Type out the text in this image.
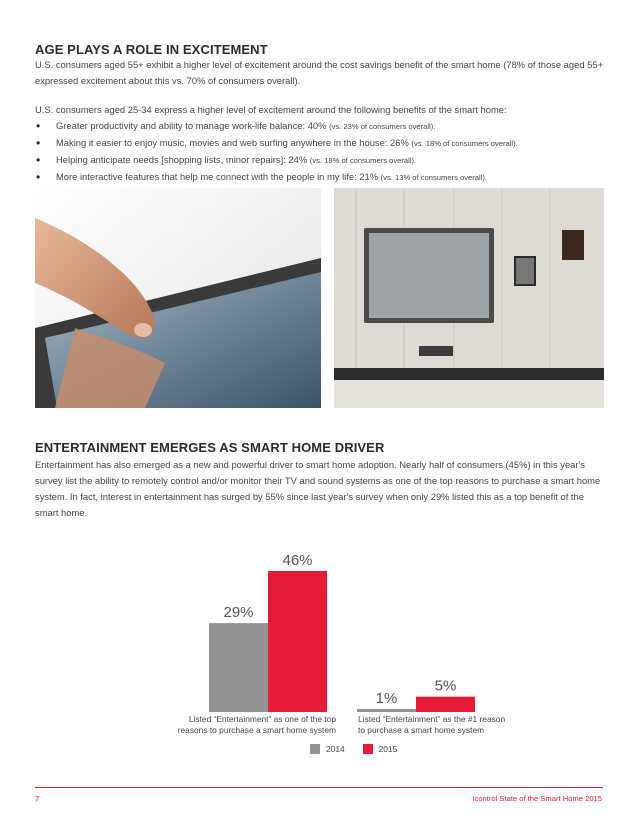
AGE PLAYS A ROLE IN EXCITEMENT

U.S. consumers aged 55+ exhibit a higher level of excitement around the cost savings benefit of the smart home (78% of those aged 55+ expressed excitement about this vs. 70% of consumers overall).

U.S. consumers aged 25-34 express a higher level of excitement around the following benefits of the smart home:

• Greater productivity and ability to manage work-life balance: 40% (vs. 23% of consumers overall).
• Making it easier to enjoy music, movies and web surfing anywhere in the house: 26% (vs. 18% of consumers overall).
• Helping anticipate needs [shopping lists, minor repairs]: 24% (vs. 18% of consumers overall).
• More interactive features that help me connect with the people in my life: 21% (vs. 13% of consumers overall).
ENTERTAINMENT EMERGES AS SMART HOME DRIVER

Entertainment has also emerged as a new and powerful driver to smart home adoption. Nearly half of consumers (45%) in this year's survey list the ability to remotely control and/or monitor their TV and sound systems as one of the top reasons to purchase a smart home system. In fact, interest in entertainment has surged by 55% since last year's survey when only 29% listed this as a top benefit of the smart home.

29%
46%
1%
5%
Listed “Entertainment” as one of the top
reasons to purchase a smart home system
Listed “Entertainment” as the #1 reason
to purchase a smart home system
2014	2015
7	Icontrol State of the Smart Home 2015
